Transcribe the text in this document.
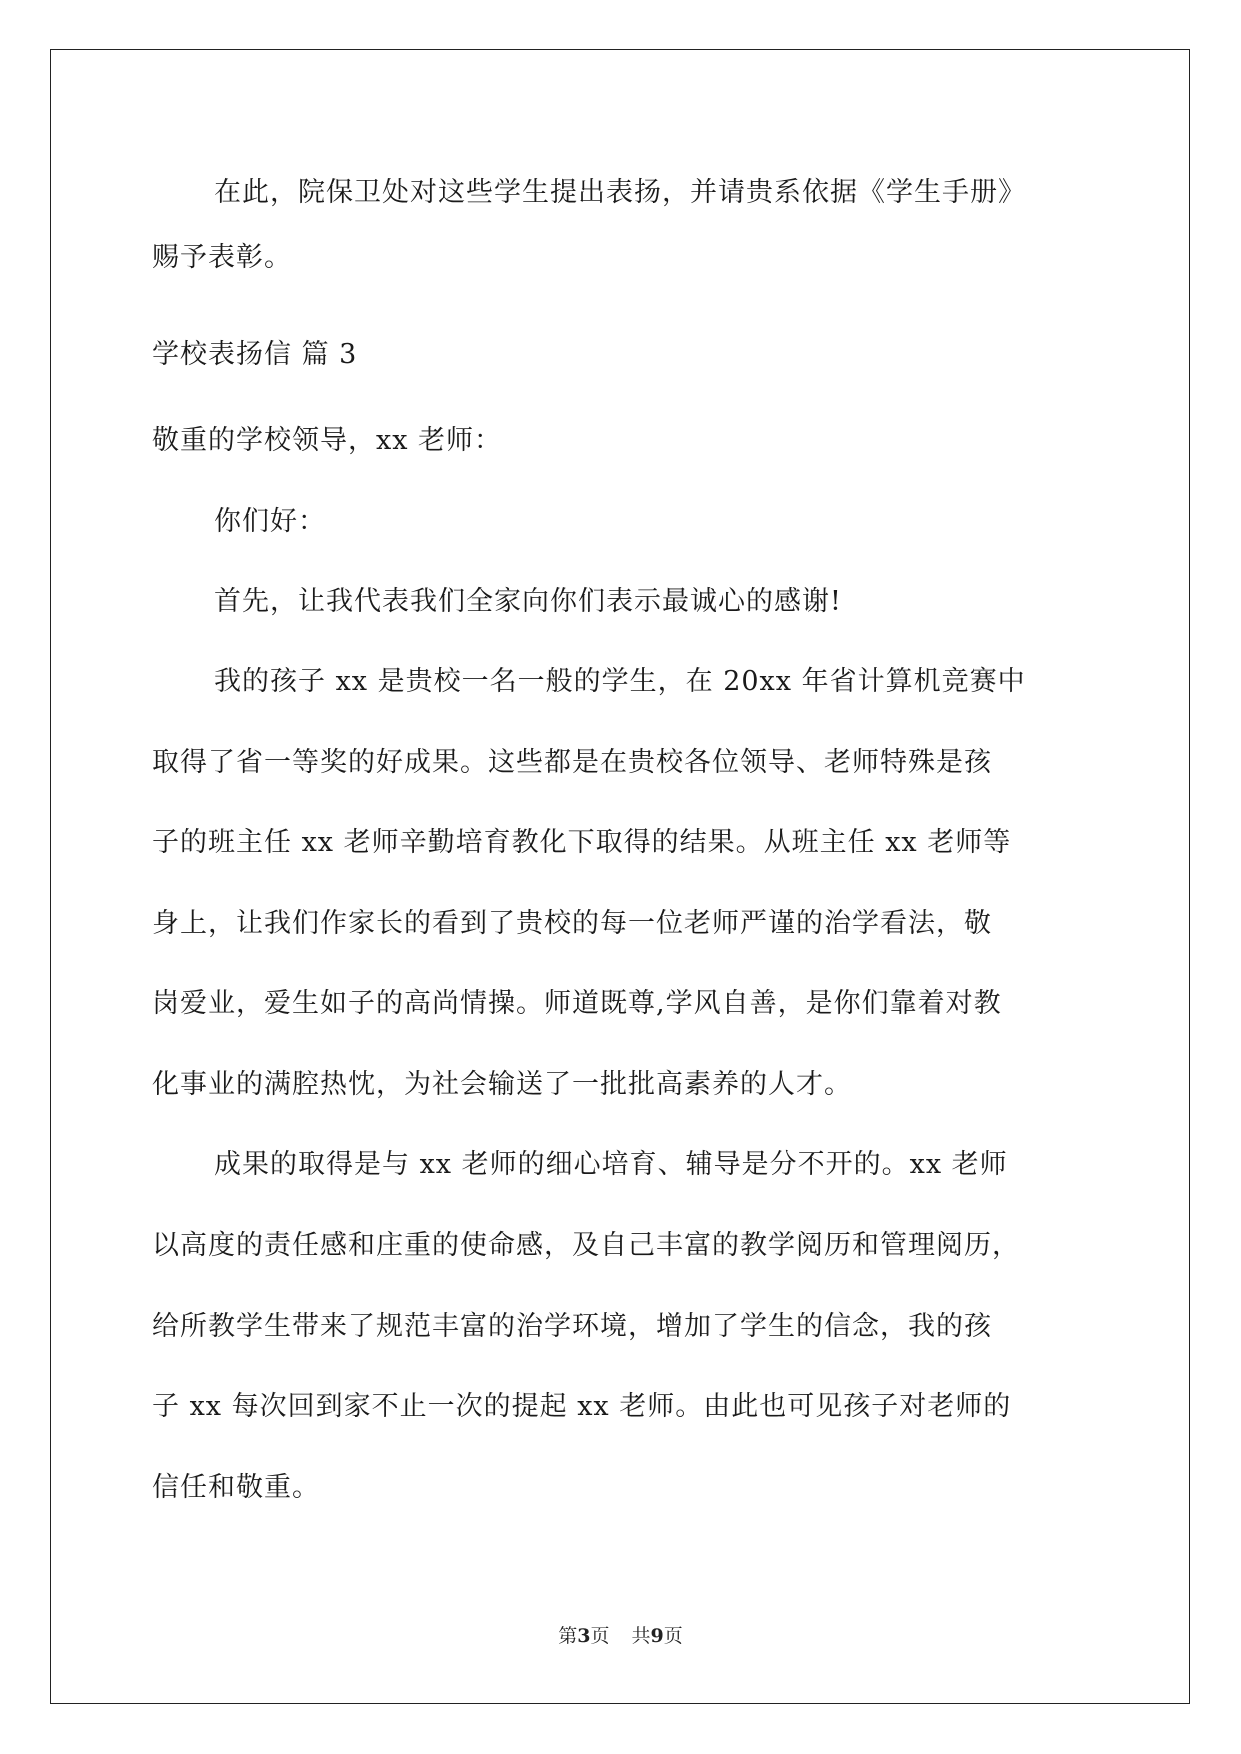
在此，院保卫处对这些学生提出表扬，并请贵系依据《学生手册》
赐予表彰。
学校表扬信 篇 3
敬重的学校领导，xx 老师：
你们好：
首先，让我代表我们全家向你们表示最诚心的感谢!
我的孩子 xx 是贵校一名一般的学生，在 20xx 年省计算机竞赛中
取得了省一等奖的好成果。这些都是在贵校各位领导、老师特殊是孩
子的班主任 xx 老师辛勤培育教化下取得的结果。从班主任 xx 老师等
身上，让我们作家长的看到了贵校的每一位老师严谨的治学看法，敬
岗爱业，爱生如子的高尚情操。师道既尊,学风自善，是你们靠着对教
化事业的满腔热忱，为社会输送了一批批高素养的人才。
成果的取得是与 xx 老师的细心培育、辅导是分不开的。xx 老师
以高度的责任感和庄重的使命感，及自己丰富的教学阅历和管理阅历，
给所教学生带来了规范丰富的治学环境，增加了学生的信念，我的孩
子 xx 每次回到家不止一次的提起 xx 老师。由此也可见孩子对老师的
信任和敬重。
第3页 共9页
